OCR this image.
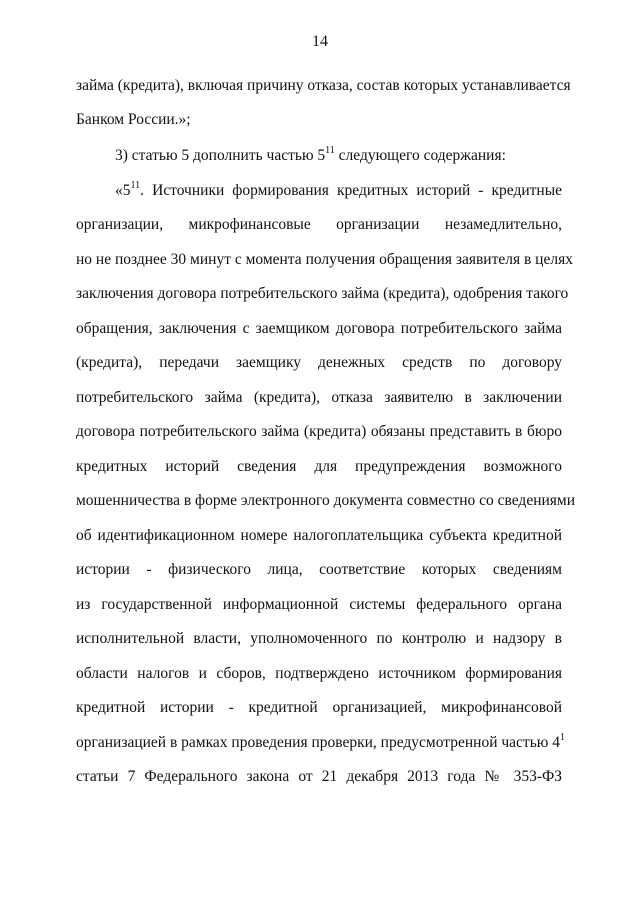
14
займа (кредита), включая причину отказа, состав которых устанавливается
Банком России.»;
3) статью 5 дополнить частью $5^{11}$ следующего содержания:
«$5^{11}$. Источники формирования кредитных историй - кредитные
организации, микрофинансовые организации незамедлительно,
но не позднее 30 минут с момента получения обращения заявителя в целях
заключения договора потребительского займа (кредита), одобрения такого
обращения, заключения с заемщиком договора потребительского займа
(кредита), передачи заемщику денежных средств по договору
потребительского займа (кредита), отказа заявителю в заключении
договора потребительского займа (кредита) обязаны представить в бюро
кредитных историй сведения для предупреждения возможного
мошенничества в форме электронного документа совместно со сведениями
об идентификационном номере налогоплательщика субъекта кредитной
истории - физического лица, соответствие которых сведениям
из государственной информационной системы федерального органа
исполнительной власти, уполномоченного по контролю и надзору в
области налогов и сборов, подтверждено источником формирования
кредитной истории - кредитной организацией, микрофинансовой
организацией в рамках проведения проверки, предусмотренной частью $4^1$
статьи 7 Федерального закона от 21 декабря 2013 года № 353-ФЗ
